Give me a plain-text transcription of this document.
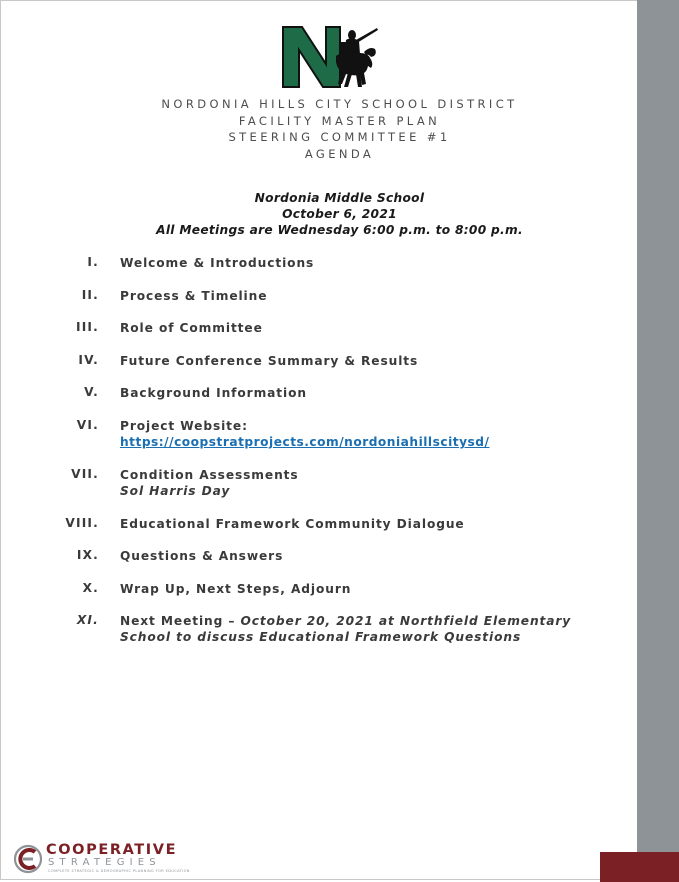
NORDONIA HILLS CITY SCHOOL DISTRICT
FACILITY MASTER PLAN
STEERING COMMITTEE #1
AGENDA
Nordonia Middle School
October 6, 2021
All Meetings are Wednesday 6:00 p.m. to 8:00 p.m.
I. Welcome & Introductions
II. Process & Timeline
III. Role of Committee
IV. Future Conference Summary & Results
V. Background Information
VI. Project Website:
https://coopstratprojects.com/nordoniahillscitysd/
VII. Condition Assessments
Sol Harris Day
VIII. Educational Framework Community Dialogue
IX. Questions & Answers
X. Wrap Up, Next Steps, Adjourn
XI. Next Meeting – October 20, 2021 at Northfield Elementary School to discuss Educational Framework Questions
COOPERATIVE
STRATEGIES
COMPLETE STRATEGIC & DEMOGRAPHIC PLANNING FOR EDUCATION
